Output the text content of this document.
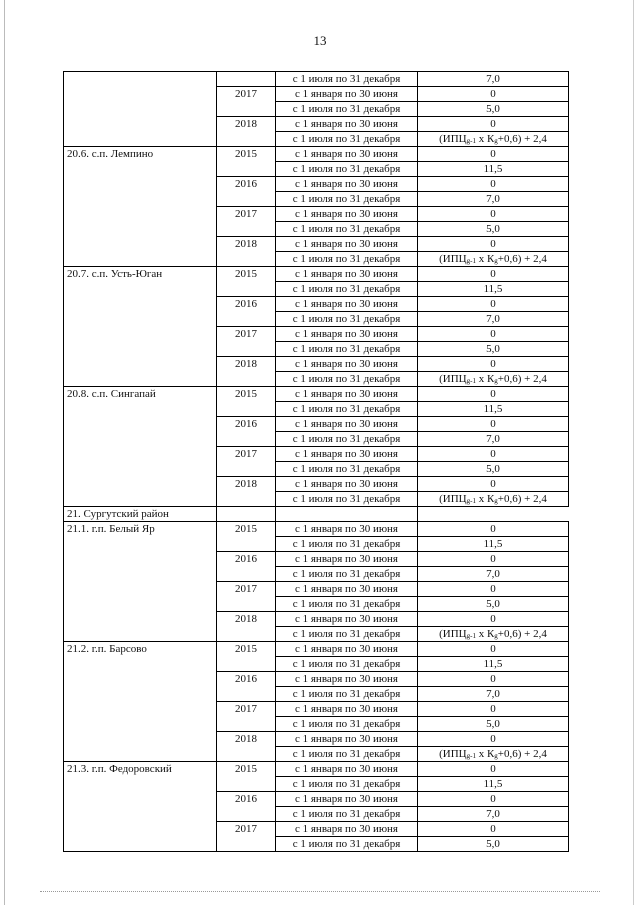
13
		с 1 июля по 31 декабря	7,0
	2017	с 1 января по 30 июня	0
		с 1 июля по 31 декабря	5,0
	2018	с 1 января по 30 июня	0
		с 1 июля по 31 декабря	($ИПЦ_{g-1}$ x $К_g+0,6) + 2,4$
20.6. с.п. Лемпино	2015	с 1 января по 30 июня	0
		с 1 июля по 31 декабря	11,5
	2016	с 1 января по 30 июня	0
		с 1 июля по 31 декабря	7,0
	2017	с 1 января по 30 июня	0
		с 1 июля по 31 декабря	5,0
	2018	с 1 января по 30 июня	0
		с 1 июля по 31 декабря	($ИПЦ_{g-1}$ x $К_g+0,6) + 2,4$
20.7. с.п. Усть-Юган	2015	с 1 января по 30 июня	0
		с 1 июля по 31 декабря	11,5
	2016	с 1 января по 30 июня	0
		с 1 июля по 31 декабря	7,0
	2017	с 1 января по 30 июня	0
		с 1 июля по 31 декабря	5,0
	2018	с 1 января по 30 июня	0
		с 1 июля по 31 декабря	($ИПЦ_{g-1}$ x $К_g+0,6) + 2,4$
20.8. с.п. Сингапай	2015	с 1 января по 30 июня	0
		с 1 июля по 31 декабря	11,5
	2016	с 1 января по 30 июня	0
		с 1 июля по 31 декабря	7,0
	2017	с 1 января по 30 июня	0
		с 1 июля по 31 декабря	5,0
	2018	с 1 января по 30 июня	0
		с 1 июля по 31 декабря	($ИПЦ_{g-1}$ x $К_g+0,6) + 2,4$
21. Сургутский район			
21.1. г.п. Белый Яр	2015	с 1 января по 30 июня	0
		с 1 июля по 31 декабря	11,5
	2016	с 1 января по 30 июня	0
		с 1 июля по 31 декабря	7,0
	2017	с 1 января по 30 июня	0
		с 1 июля по 31 декабря	5,0
	2018	с 1 января по 30 июня	0
		с 1 июля по 31 декабря	($ИПЦ_{g-1}$ x $К_g+0,6) + 2,4$
21.2. г.п. Барсово	2015	с 1 января по 30 июня	0
		с 1 июля по 31 декабря	11,5
	2016	с 1 января по 30 июня	0
		с 1 июля по 31 декабря	7,0
	2017	с 1 января по 30 июня	0
		с 1 июля по 31 декабря	5,0
	2018	с 1 января по 30 июня	0
		с 1 июля по 31 декабря	($ИПЦ_{g-1}$ x $К_g+0,6) + 2,4$
21.3. г.п. Федоровский	2015	с 1 января по 30 июня	0
		с 1 июля по 31 декабря	11,5
	2016	с 1 января по 30 июня	0
		с 1 июля по 31 декабря	7,0
	2017	с 1 января по 30 июня	0
		с 1 июля по 31 декабря	5,0
